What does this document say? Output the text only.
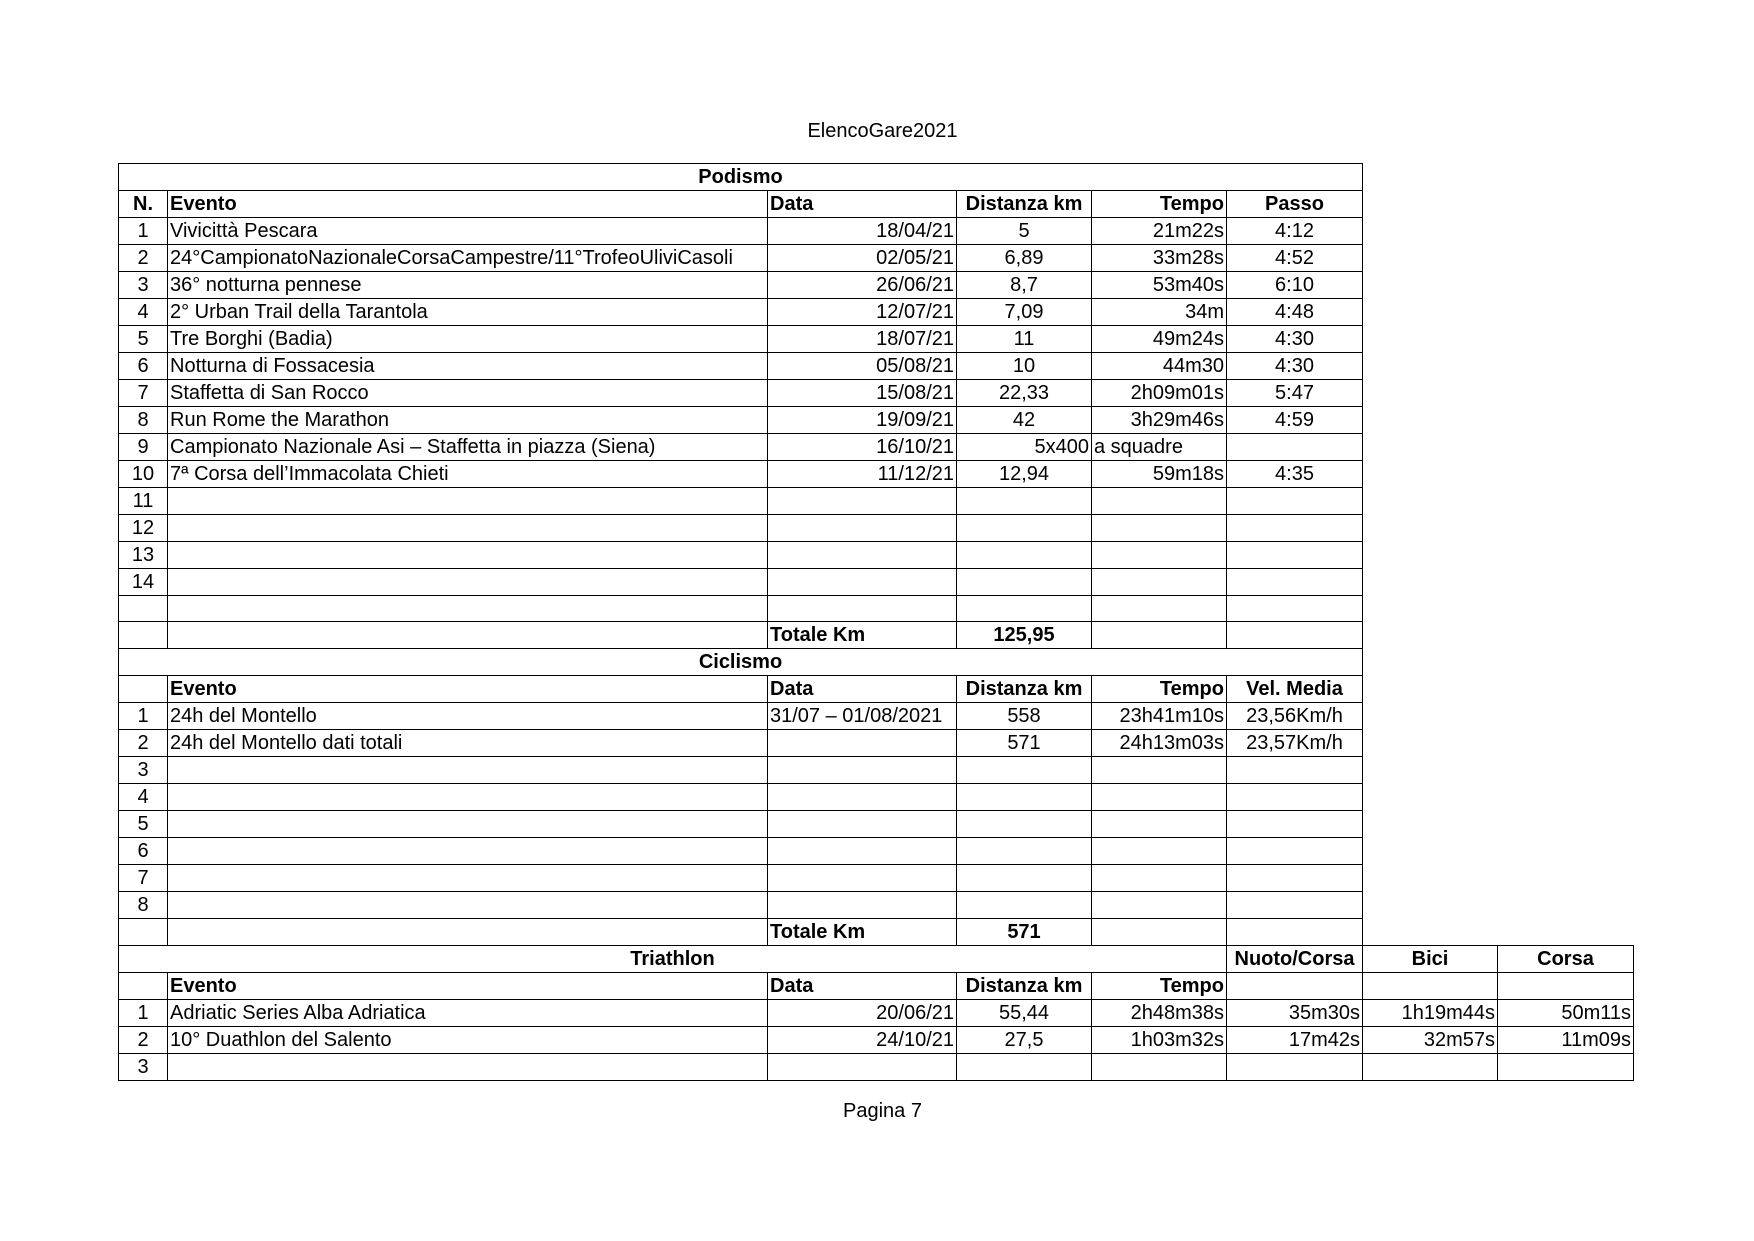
ElencoGare2021
Podismo							
N.	Evento	Data	Distanza km	Tempo	Passo		
1	Vivicittà Pescara	18/04/21	5	21m22s	4:12		
2	24°CampionatoNazionaleCorsaCampestre/11°TrofeoUliviCasoli	02/05/21	6,89	33m28s	4:52		
3	36° notturna pennese	26/06/21	8,7	53m40s	6:10		
4	2° Urban Trail della Tarantola	12/07/21	7,09	34m	4:48		
5	Tre Borghi (Badia)	18/07/21	11	49m24s	4:30		
6	Notturna di Fossacesia	05/08/21	10	44m30	4:30		
7	Staffetta di San Rocco	15/08/21	22,33	2h09m01s	5:47		
8	Run Rome the Marathon	19/09/21	42	3h29m46s	4:59		
9	Campionato Nazionale Asi – Staffetta in piazza (Siena)	16/10/21	5x400	a squadre			
10	7ª Corsa dell’Immacolata Chieti	11/12/21	12,94	59m18s	4:35		
11							
12							
13							
14							

		Totale Km	125,95				
Ciclismo							
	Evento	Data	Distanza km	Tempo	Vel. Media		
1	24h del Montello	31/07 – 01/08/2021	558	23h41m10s	23,56Km/h		
2	24h del Montello dati totali		571	24h13m03s	23,57Km/h		
3							
4							
5							
6							
7							
8							
		Totale Km	571				
Triathlon					Nuoto/Corsa	Bici	Corsa
	Evento	Data	Distanza km	Tempo			
1	Adriatic Series Alba Adriatica	20/06/21	55,44	2h48m38s	35m30s	1h19m44s	50m11s
2	10° Duathlon del Salento	24/10/21	27,5	1h03m32s	17m42s	32m57s	11m09s
3							
Pagina 7
